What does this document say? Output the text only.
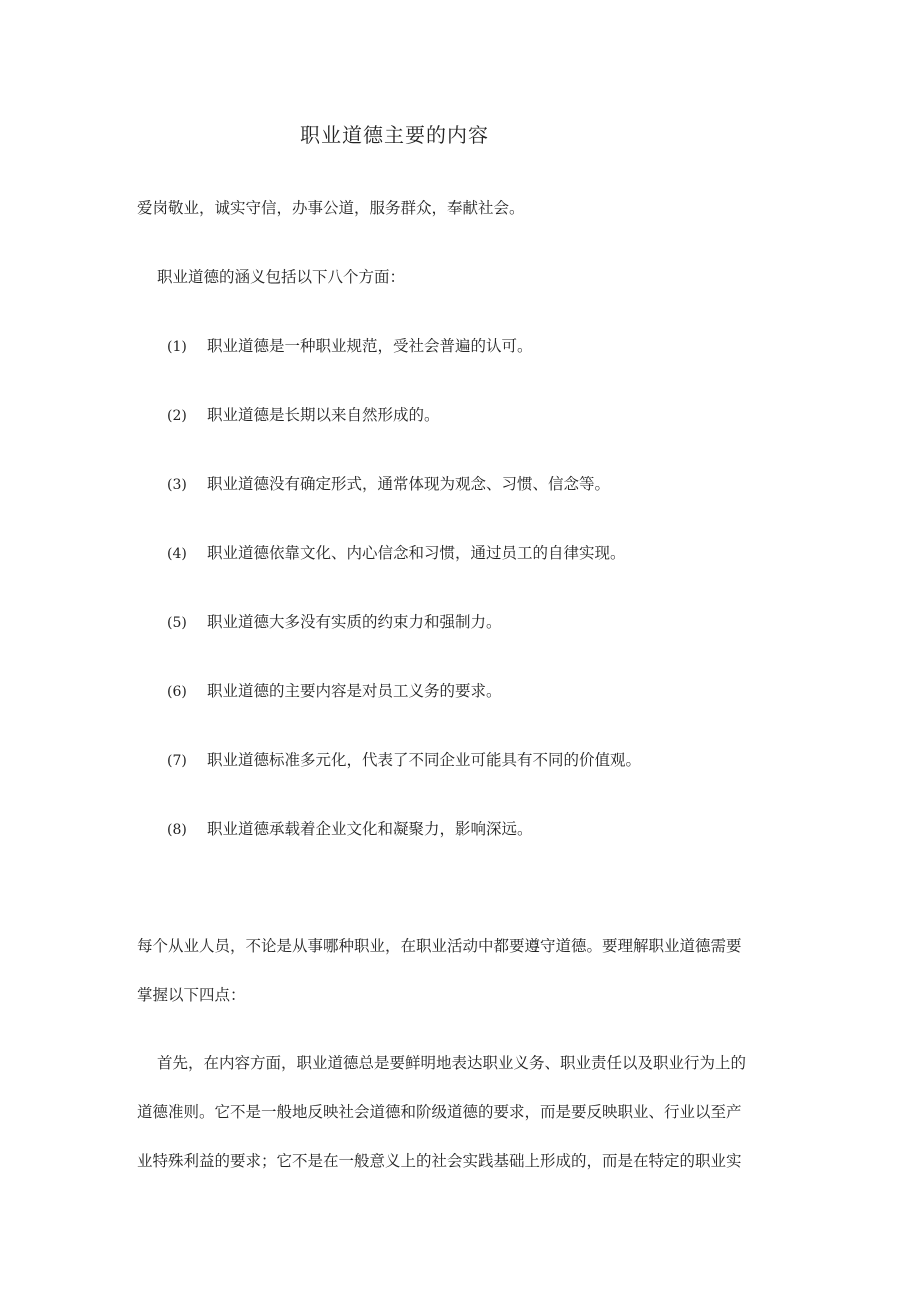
职业道德主要的内容
爱岗敬业，诚实守信，办事公道，服务群众，奉献社会。
职业道德的涵义包括以下八个方面：
(1) 职业道德是一种职业规范，受社会普遍的认可。
(2) 职业道德是长期以来自然形成的。
(3) 职业道德没有确定形式，通常体现为观念、习惯、信念等。
(4) 职业道德依靠文化、内心信念和习惯，通过员工的自律实现。
(5) 职业道德大多没有实质的约束力和强制力。
(6) 职业道德的主要内容是对员工义务的要求。
(7) 职业道德标准多元化，代表了不同企业可能具有不同的价值观。
(8) 职业道德承载着企业文化和凝聚力，影响深远。
每个从业人员，不论是从事哪种职业，在职业活动中都要遵守道德。要理解职业道德需要
掌握以下四点：
首先，在内容方面，职业道德总是要鲜明地表达职业义务、职业责任以及职业行为上的
道德准则。它不是一般地反映社会道德和阶级道德的要求，而是要反映职业、行业以至产
业特殊利益的要求；它不是在一般意义上的社会实践基础上形成的，而是在特定的职业实
